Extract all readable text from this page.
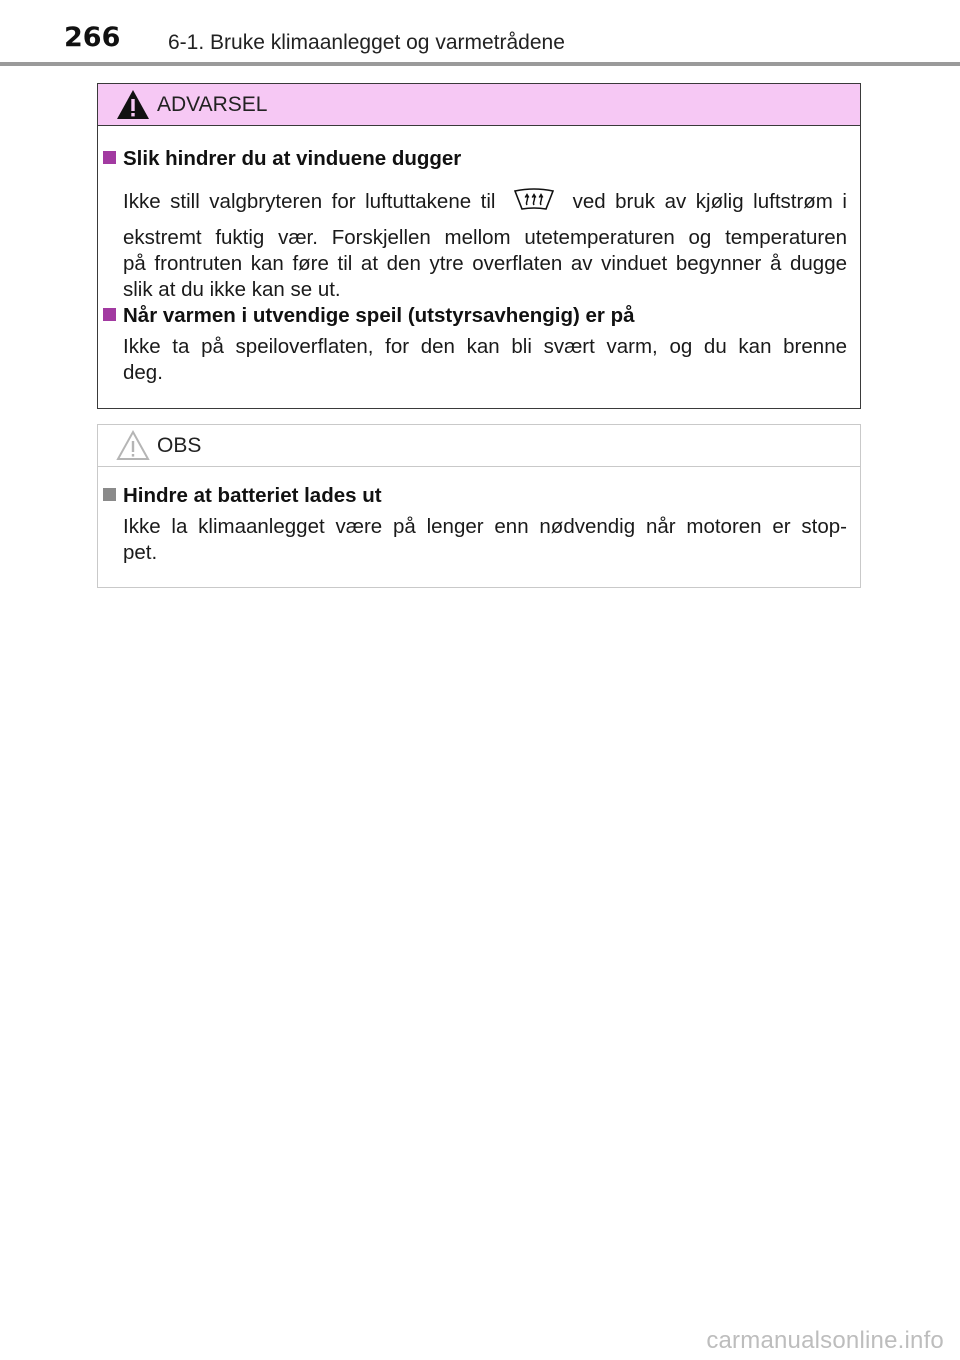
266 6-1. Bruke klimaanlegget og varmetrådene
ADVARSEL
Slik hindrer du at vinduene dugger
Ikke still valgbryteren for luftuttakene til	ved bruk av kjølig luftstrøm i
ekstremt fuktig vær. Forskjellen mellom utetemperaturen og temperaturen
på frontruten kan føre til at den ytre overflaten av vinduet begynner å dugge
slik at du ikke kan se ut.
Når varmen i utvendige speil (utstyrsavhengig) er på
Ikke ta på speiloverflaten, for den kan bli svært varm, og du kan brenne
deg.
OBS
Hindre at batteriet lades ut
Ikke la klimaanlegget være på lenger enn nødvendig når motoren er stop-
pet.
carmanualsonline.info
